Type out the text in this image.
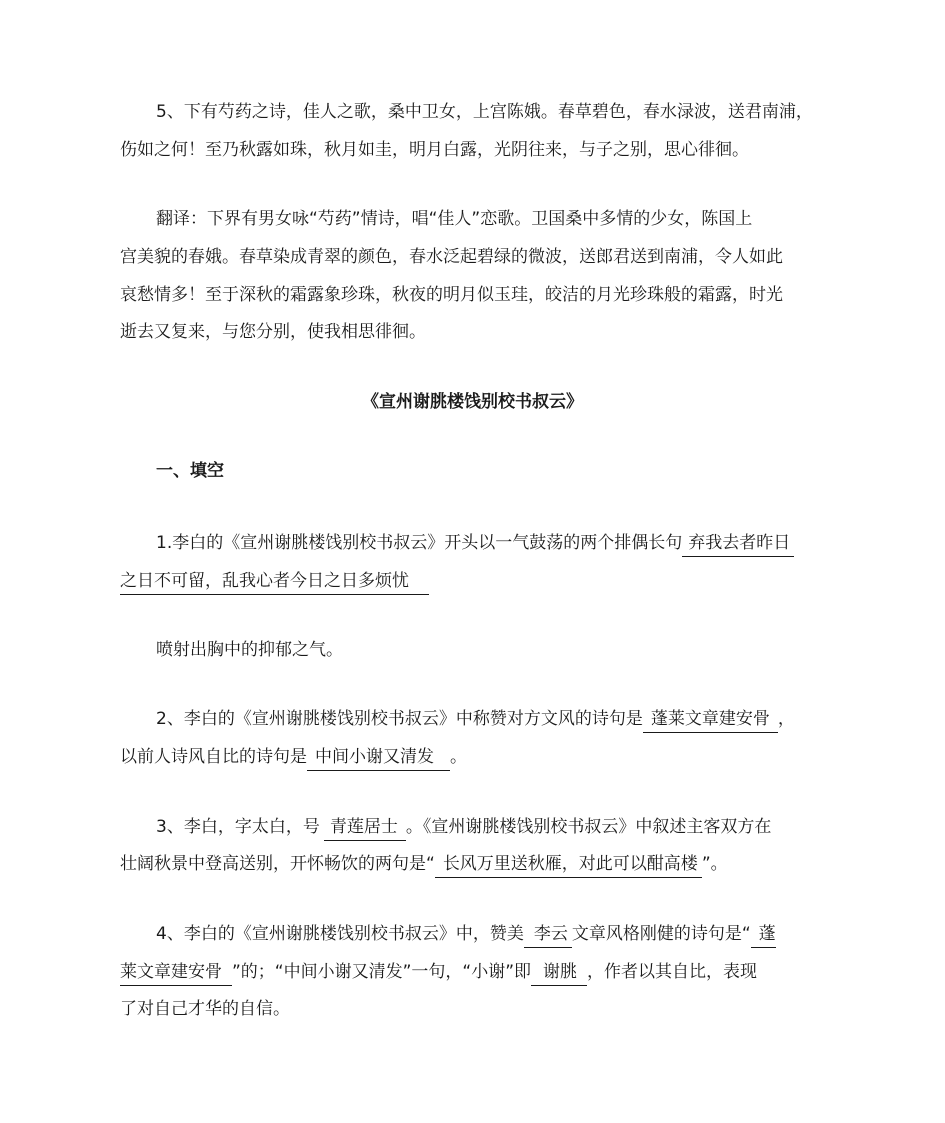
5、下有芍药之诗，佳人之歌，桑中卫女，上宫陈娥。春草碧色，春水渌波，送君南浦，
伤如之何！至乃秋露如珠，秋月如圭，明月白露，光阴往来，与子之别，思心徘徊。
翻译：下界有男女咏“芍药”情诗，唱“佳人”恋歌。卫国桑中多情的少女，陈国上
宫美貌的春娥。春草染成青翠的颜色，春水泛起碧绿的微波，送郎君送到南浦，令人如此
哀愁情多！至于深秋的霜露象珍珠，秋夜的明月似玉珪，皎洁的月光珍珠般的霜露，时光
逝去又复来，与您分别，使我相思徘徊。
《宣州谢朓楼饯别校书叔云》
一、填空
1.李白的《宣州谢朓楼饯别校书叔云》开头以一气鼓荡的两个排偶长句 弃我去者昨日
之日不可留，乱我心者今日之日多烦忧
喷射出胸中的抑郁之气。
2、李白的《宣州谢朓楼饯别校书叔云》中称赞对方文风的诗句是 蓬莱文章建安骨 ，
以前人诗风自比的诗句是 中间小谢又清发 。
3、李白，字太白，号 青莲居士 。《宣州谢朓楼饯别校书叔云》中叙述主客双方在
壮阔秋景中登高送别，开怀畅饮的两句是“ 长风万里送秋雁，对此可以酣高楼 ”。
4、李白的《宣州谢朓楼饯别校书叔云》中，赞美 李云 文章风格刚健的诗句是“ 蓬
莱文章建安骨 ”的；“中间小谢又清发”一句，“小谢”即 谢朓 ，作者以其自比，表现
了对自己才华的自信。
